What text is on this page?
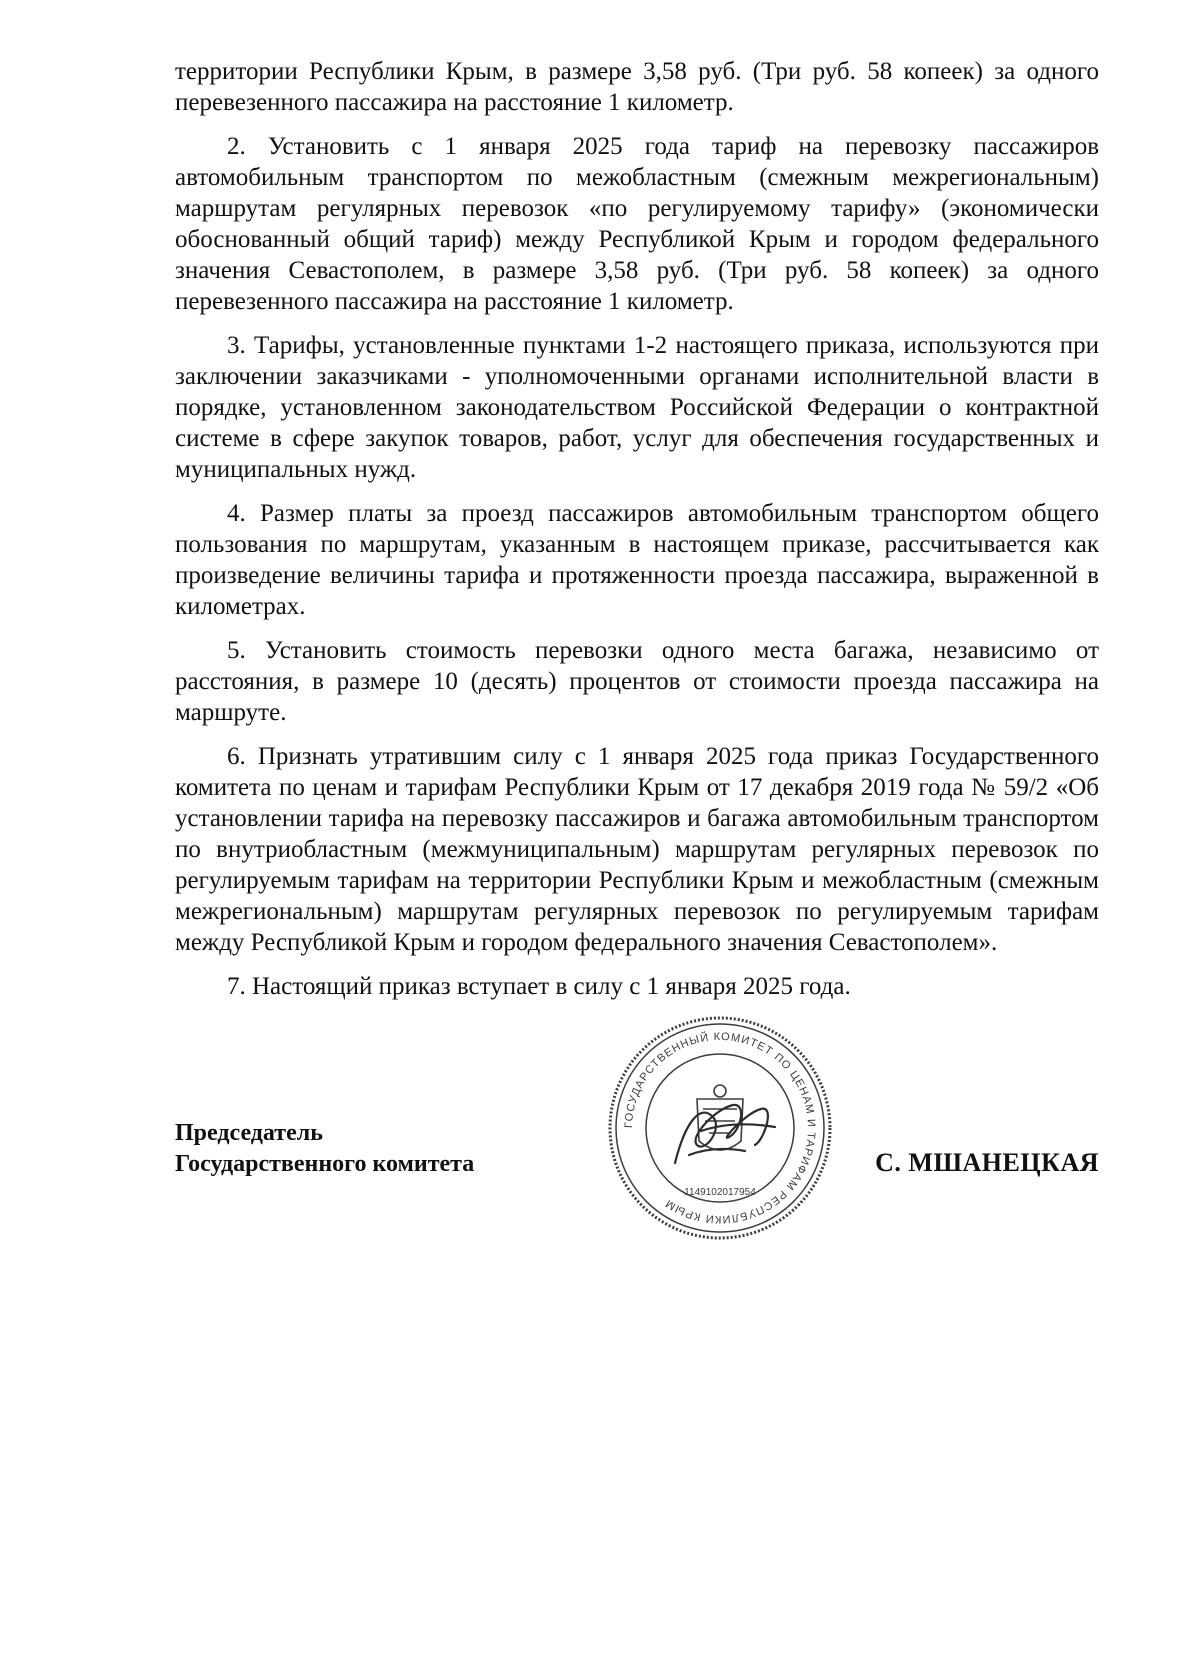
территории Республики Крым, в размере 3,58 руб. (Три руб. 58 копеек) за одного перевезенного пассажира на расстояние 1 километр.

2. Установить с 1 января 2025 года тариф на перевозку пассажиров автомобильным транспортом по межобластным (смежным межрегиональным) маршрутам регулярных перевозок «по регулируемому тарифу» (экономически обоснованный общий тариф) между Республикой Крым и городом федерального значения Севастополем, в размере 3,58 руб. (Три руб. 58 копеек) за одного перевезенного пассажира на расстояние 1 километр.

3. Тарифы, установленные пунктами 1-2 настоящего приказа, используются при заключении заказчиками - уполномоченными органами исполнительной власти в порядке, установленном законодательством Российской Федерации о контрактной системе в сфере закупок товаров, работ, услуг для обеспечения государственных и муниципальных нужд.

4. Размер платы за проезд пассажиров автомобильным транспортом общего пользования по маршрутам, указанным в настоящем приказе, рассчитывается как произведение величины тарифа и протяженности проезда пассажира, выраженной в километрах.

5. Установить стоимость перевозки одного места багажа, независимо от расстояния, в размере 10 (десять) процентов от стоимости проезда пассажира на маршруте.

6. Признать утратившим силу с 1 января 2025 года приказ Государственного комитета по ценам и тарифам Республики Крым от 17 декабря 2019 года № 59/2 «Об установлении тарифа на перевозку пассажиров и багажа автомобильным транспортом по внутриобластным (межмуниципальным) маршрутам регулярных перевозок по регулируемым тарифам на территории Республики Крым и межобластным (смежным межрегиональным) маршрутам регулярных перевозок по регулируемым тарифам между Республикой Крым и городом федерального значения Севастополем».

7. Настоящий приказ вступает в силу с 1 января 2025 года.

Председатель
Государственного комитета	С. МШАНЕЦКАЯ
ГОСУДАРСТВЕННЫЙ КОМИТЕТ ПО ЦЕНАМ И ТАРИФАМ РЕСПУБЛИКИ КРЫМ
1149102017954
